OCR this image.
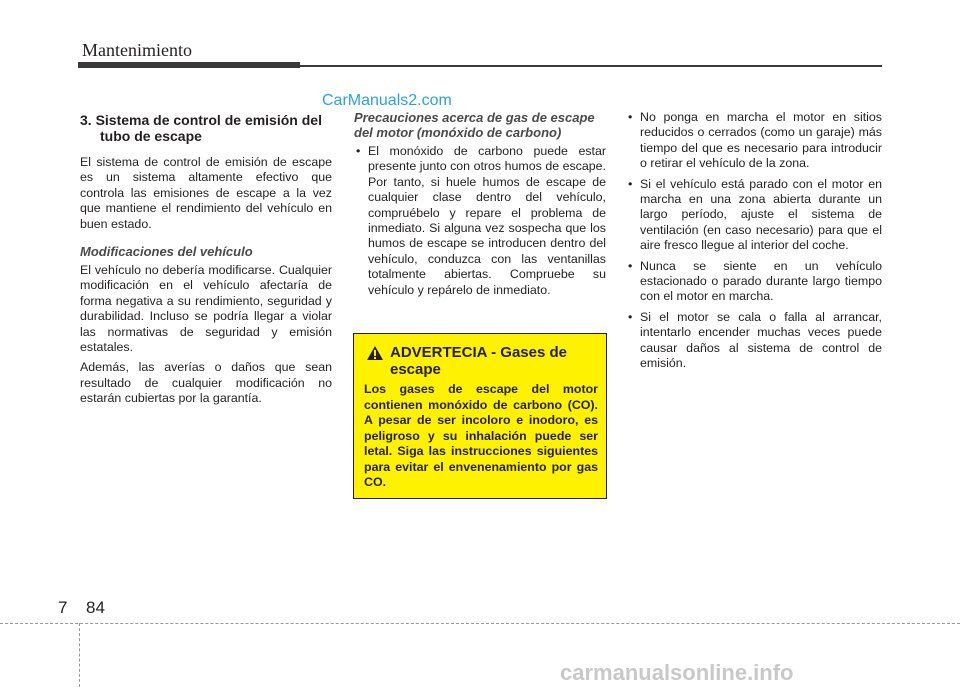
Mantenimiento
CarManuals2.com
3. Sistema de control de emisión del tubo de escape

El sistema de control de emisión de escape es un sistema altamente efectivo que controla las emisiones de escape a la vez que mantiene el rendimiento del vehículo en buen estado.

Modificaciones del vehículo

El vehículo no debería modificarse. Cualquier modificación en el vehículo afectaría de forma negativa a su rendimiento, seguridad y durabilidad. Incluso se podría llegar a violar las normativas de seguridad y emisión estatales.

Además, las averías o daños que sean resultado de cualquier modificación no estarán cubiertas por la garantía.

Precauciones acerca de gas de escape del motor (monóxido de carbono)
• El monóxido de carbono puede estar presente junto con otros humos de escape. Por tanto, si huele humos de escape de cualquier clase dentro del vehículo, compruébelo y repare el problema de inmediato. Si alguna vez sospecha que los humos de escape se introducen dentro del vehículo, conduzca con las ventanillas totalmente abiertas. Compruebe su vehículo y repárelo de inmediato.
ADVERTECIA - Gases de escape
Los gases de escape del motor contienen monóxido de carbono (CO). A pesar de ser incoloro e inodoro, es peligroso y su inhalación puede ser letal. Siga las instrucciones siguientes para evitar el envenenamiento por gas CO.
• No ponga en marcha el motor en sitios reducidos o cerrados (como un garaje) más tiempo del que es necesario para introducir o retirar el vehículo de la zona.
• Si el vehículo está parado con el motor en marcha en una zona abierta durante un largo período, ajuste el sistema de ventilación (en caso necesario) para que el aire fresco llegue al interior del coche.
• Nunca se siente en un vehículo estacionado o parado durante largo tiempo con el motor en marcha.
• Si el motor se cala o falla al arrancar, intentarlo encender muchas veces puede causar daños al sistema de control de emisión.
7 84
carmanualsonline.info
